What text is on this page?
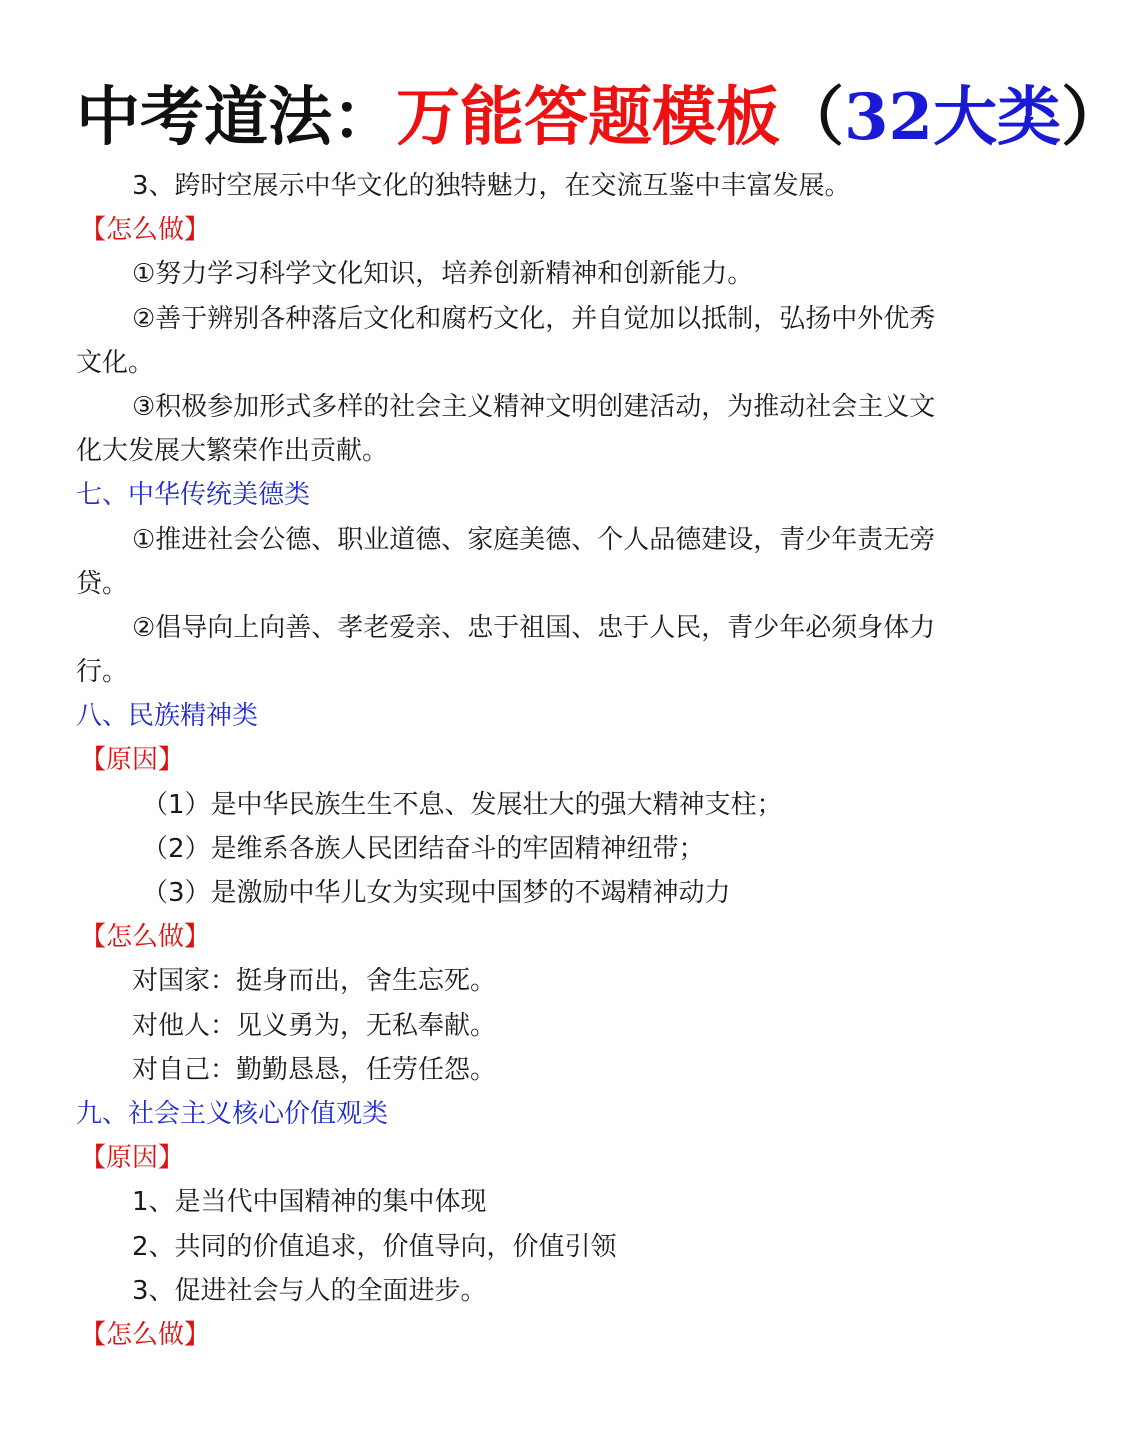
中考道法：万能答题模板（32大类）
3、跨时空展示中华文化的独特魅力，在交流互鉴中丰富发展。
【怎么做】
①努力学习科学文化知识，培养创新精神和创新能力。
②善于辨别各种落后文化和腐朽文化，并自觉加以抵制，弘扬中外优秀
文化。
③积极参加形式多样的社会主义精神文明创建活动，为推动社会主义文
化大发展大繁荣作出贡献。
七、中华传统美德类
①推进社会公德、职业道德、家庭美德、个人品德建设，青少年责无旁
贷。
②倡导向上向善、孝老爱亲、忠于祖国、忠于人民，青少年必须身体力
行。
八、民族精神类
【原因】
（1）是中华民族生生不息、发展壮大的强大精神支柱；
（2）是维系各族人民团结奋斗的牢固精神纽带；
（3）是激励中华儿女为实现中国梦的不竭精神动力
【怎么做】
对国家：挺身而出，舍生忘死。
对他人：见义勇为，无私奉献。
对自己：勤勤恳恳，任劳任怨。
九、社会主义核心价值观类
【原因】
1、是当代中国精神的集中体现
2、共同的价值追求，价值导向，价值引领
3、促进社会与人的全面进步。
【怎么做】
